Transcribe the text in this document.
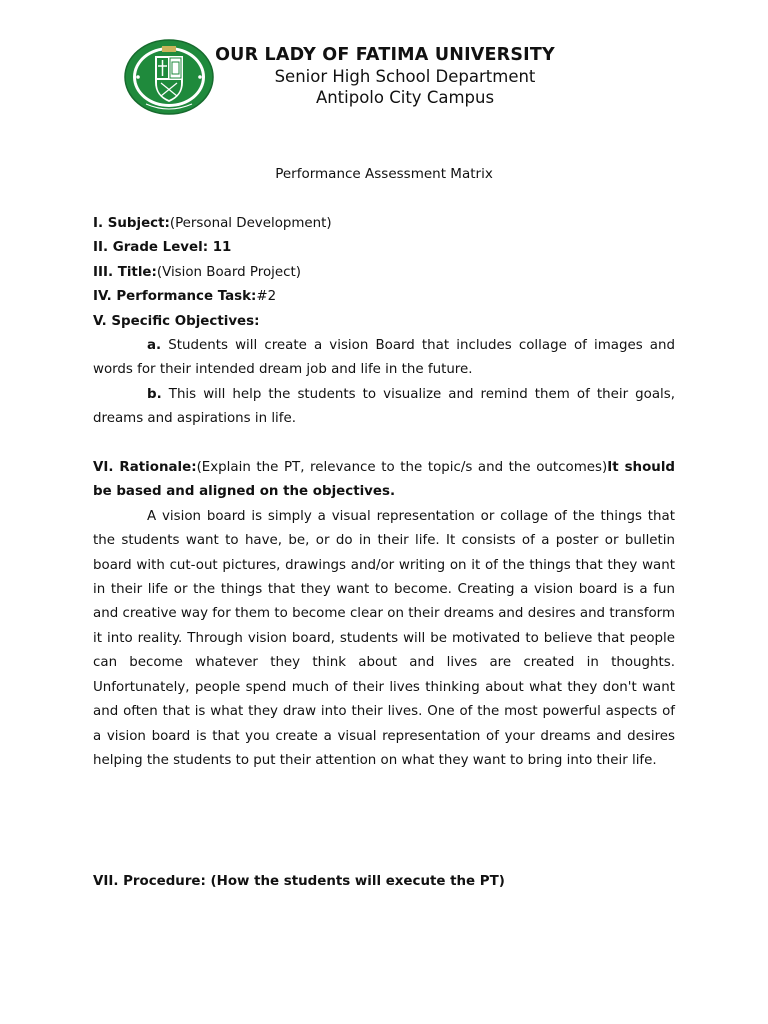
OUR LADY OF FATIMA UNIVERSITY
Senior High School Department
Antipolo City Campus
Performance Assessment Matrix
I. Subject:(Personal Development)
II. Grade Level: 11
III. Title:(Vision Board Project)
IV. Performance Task:#2
V. Specific Objectives:
a. Students will create a vision Board that includes collage of images and words for their intended dream job and life in the future.
b. This will help the students to visualize and remind them of their goals, dreams and aspirations in life.
VI. Rationale:(Explain the PT, relevance to the topic/s and the outcomes)It should be based and aligned on the objectives.
A vision board is simply a visual representation or collage of the things that the students want to have, be, or do in their life. It consists of a poster or bulletin board with cut-out pictures, drawings and/or writing on it of the things that they want in their life or the things that they want to become. Creating a vision board is a fun and creative way for them to become clear on their dreams and desires and transform it into reality. Through vision board, students will be motivated to believe that people can become whatever they think about and lives are created in thoughts. Unfortunately, people spend much of their lives thinking about what they don't want and often that is what they draw into their lives. One of the most powerful aspects of a vision board is that you create a visual representation of your dreams and desires helping the students to put their attention on what they want to bring into their life.
VII. Procedure: (How the students will execute the PT)
